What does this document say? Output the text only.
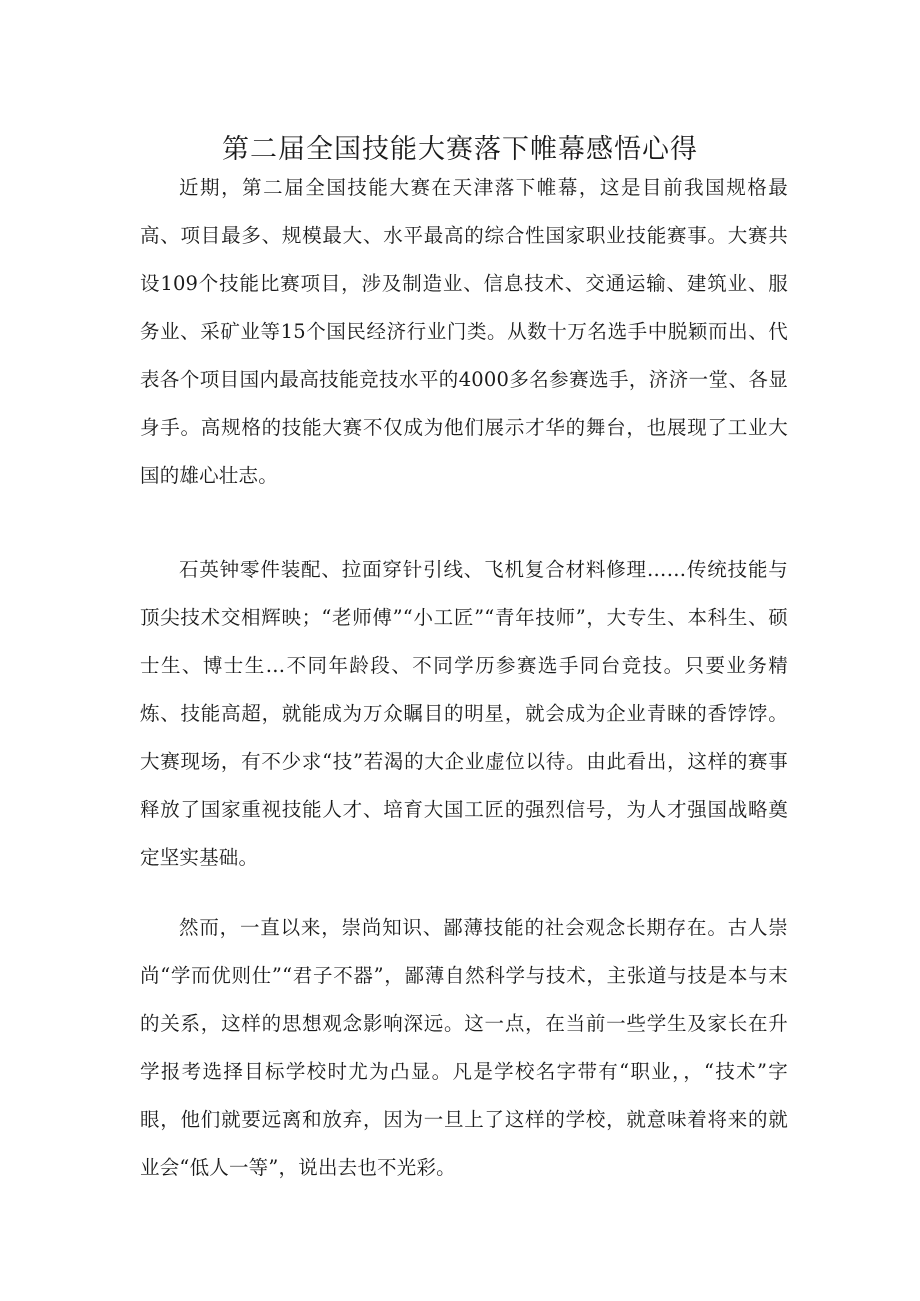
第二届全国技能大赛落下帷幕感悟心得

近期，第二届全国技能大赛在天津落下帷幕，这是目前我国规格最高、项目最多、规模最大、水平最高的综合性国家职业技能赛事。大赛共设109个技能比赛项目，涉及制造业、信息技术、交通运输、建筑业、服务业、采矿业等15个国民经济行业门类。从数十万名选手中脱颖而出、代表各个项目国内最高技能竞技水平的4000多名参赛选手，济济一堂、各显身手。高规格的技能大赛不仅成为他们展示才华的舞台，也展现了工业大国的雄心壮志。

石英钟零件装配、拉面穿针引线、飞机复合材料修理……传统技能与顶尖技术交相辉映；“老师傅”“小工匠”“青年技师”，大专生、本科生、硕士生、博士生…不同年龄段、不同学历参赛选手同台竞技。只要业务精炼、技能高超，就能成为万众瞩目的明星，就会成为企业青睐的香饽饽。大赛现场，有不少求“技”若渴的大企业虚位以待。由此看出，这样的赛事释放了国家重视技能人才、培育大国工匠的强烈信号，为人才强国战略奠定坚实基础。

然而，一直以来，崇尚知识、鄙薄技能的社会观念长期存在。古人崇尚“学而优则仕”“君子不器”，鄙薄自然科学与技术，主张道与技是本与末的关系，这样的思想观念影响深远。这一点，在当前一些学生及家长在升学报考选择目标学校时尤为凸显。凡是学校名字带有“职业，，“技术”字眼，他们就要远离和放弃，因为一旦上了这样的学校，就意味着将来的就业会“低人一等”，说出去也不光彩。
